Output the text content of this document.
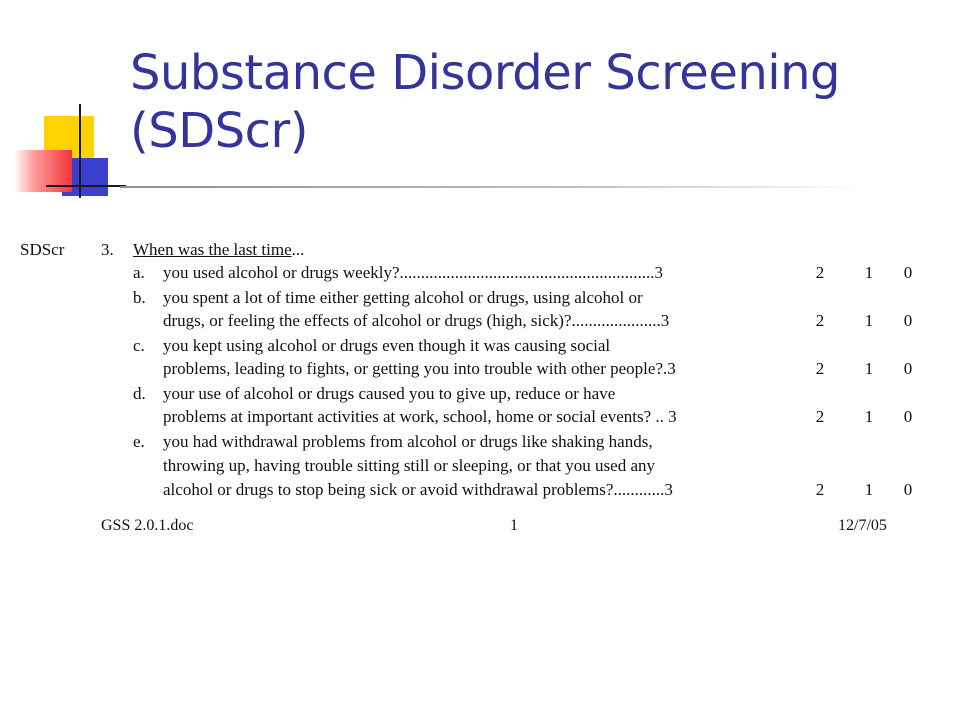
Substance Disorder Screening
(SDScr)
SDScr 3. When was the last time...
a. you used alcohol or drugs weekly?............................................................3	2	1	0
b. you spent a lot of time either getting alcohol or drugs, using alcohol or
drugs, or feeling the effects of alcohol or drugs (high, sick)?.....................3	2	1	0
c. you kept using alcohol or drugs even though it was causing social
problems, leading to fights, or getting you into trouble with other people?.3	2	1	0
d. your use of alcohol or drugs caused you to give up, reduce or have
problems at important activities at work, school, home or social events? .. 3	2	1	0
e. you had withdrawal problems from alcohol or drugs like shaking hands,
throwing up, having trouble sitting still or sleeping, or that you used any
alcohol or drugs to stop being sick or avoid withdrawal problems?............3	2	1	0
GSS 2.0.1.doc	1	12/7/05
